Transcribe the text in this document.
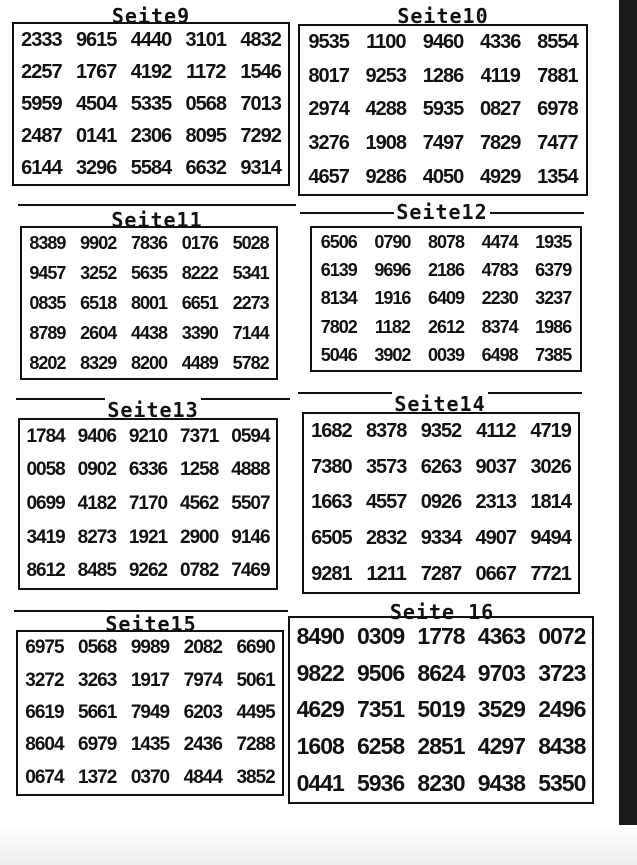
Seite9
2333 9615 4440 3101 4832
2257 1767 4192 1172 1546
5959 4504 5335 0568 7013
2487 0141 2306 8095 7292
6144 3296 5584 6632 9314
Seite10
9535 1100 9460 4336 8554
8017 9253 1286 4119 7881
2974 4288 5935 0827 6978
3276 1908 7497 7829 7477
4657 9286 4050 4929 1354
Seite11
8389 9902 7836 0176 5028
9457 3252 5635 8222 5341
0835 6518 8001 6651 2273
8789 2604 4438 3390 7144
8202 8329 8200 4489 5782
Seite12
6506 0790 8078 4474 1935
6139 9696 2186 4783 6379
8134 1916 6409 2230 3237
7802 1182 2612 8374 1986
5046 3902 0039 6498 7385
Seite13
1784 9406 9210 7371 0594
0058 0902 6336 1258 4888
0699 4182 7170 4562 5507
3419 8273 1921 2900 9146
8612 8485 9262 0782 7469
Seite14
1682 8378 9352 4112 4719
7380 3573 6263 9037 3026
1663 4557 0926 2313 1814
6505 2832 9334 4907 9494
9281 1211 7287 0667 7721
Seite15
6975 0568 9989 2082 6690
3272 3263 1917 7974 5061
6619 5661 7949 6203 4495
8604 6979 1435 2436 7288
0674 1372 0370 4844 3852
Seite 16
8490 0309 1778 4363 0072
9822 9506 8624 9703 3723
4629 7351 5019 3529 2496
1608 6258 2851 4297 8438
0441 5936 8230 9438 5350
